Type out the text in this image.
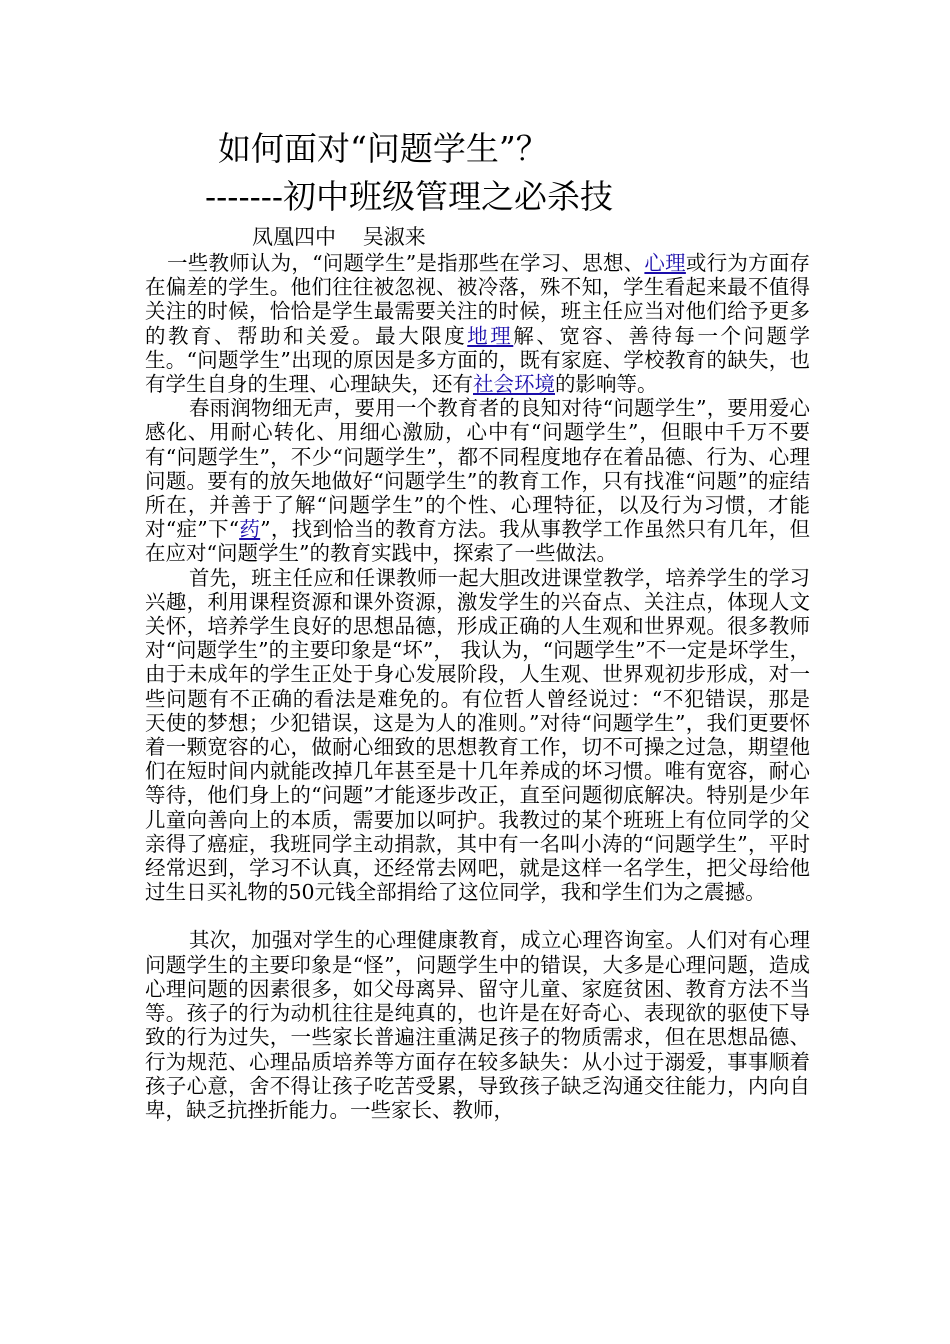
如何面对“问题学生”？
-------初中班级管理之必杀技
凤凰四中    吴淑来

一些教师认为，“问题学生”是指那些在学习、思想、心理或行为方面存在偏差的学生。他们往往被忽视、被冷落，殊不知，学生看起来最不值得关注的时候，恰恰是学生最需要关注的时候，班主任应当对他们给予更多的教育、帮助和关爱。最大限度地理解、宽容、善待每一个问题学生。“问题学生”出现的原因是多方面的，既有家庭、学校教育的缺失，也有学生自身的生理、心理缺失，还有社会环境的影响等。

春雨润物细无声，要用一个教育者的良知对待“问题学生”，要用爱心感化、用耐心转化、用细心激励，心中有“问题学生”，但眼中千万不要有“问题学生”，不少“问题学生”，都不同程度地存在着品德、行为、心理问题。要有的放矢地做好“问题学生”的教育工作，只有找准“问题”的症结所在，并善于了解“问题学生”的个性、心理特征，以及行为习惯，才能对“症”下“药”，找到恰当的教育方法。我从事教学工作虽然只有几年，但在应对“问题学生”的教育实践中，探索了一些做法。

首先，班主任应和任课教师一起大胆改进课堂教学，培养学生的学习兴趣，利用课程资源和课外资源，激发学生的兴奋点、关注点，体现人文关怀，培养学生良好的思想品德，形成正确的人生观和世界观。很多教师对“问题学生”的主要印象是“坏”， 我认为，“问题学生”不一定是坏学生，由于未成年的学生正处于身心发展阶段，人生观、世界观初步形成，对一些问题有不正确的看法是难免的。有位哲人曾经说过：“不犯错误，那是天使的梦想；少犯错误，这是为人的准则。”对待“问题学生”，我们更要怀着一颗宽容的心，做耐心细致的思想教育工作，切不可操之过急，期望他们在短时间内就能改掉几年甚至是十几年养成的坏习惯。唯有宽容，耐心等待，他们身上的“问题”才能逐步改正，直至问题彻底解决。特别是少年儿童向善向上的本质，需要加以呵护。我教过的某个班班上有位同学的父亲得了癌症，我班同学主动捐款，其中有一名叫小涛的“问题学生”，平时经常迟到，学习不认真，还经常去网吧，就是这样一名学生，把父母给他过生日买礼物的50元钱全部捐给了这位同学，我和学生们为之震撼。

其次，加强对学生的心理健康教育，成立心理咨询室。人们对有心理问题学生的主要印象是“怪”，问题学生中的错误，大多是心理问题，造成心理问题的因素很多，如父母离异、留守儿童、家庭贫困、教育方法不当等。孩子的行为动机往往是纯真的，也许是在好奇心、表现欲的驱使下导致的行为过失，一些家长普遍注重满足孩子的物质需求，但在思想品德、行为规范、心理品质培养等方面存在较多缺失：从小过于溺爱，事事顺着孩子心意，舍不得让孩子吃苦受累，导致孩子缺乏沟通交往能力，内向自卑，缺乏抗挫折能力。一些家长、教师，
